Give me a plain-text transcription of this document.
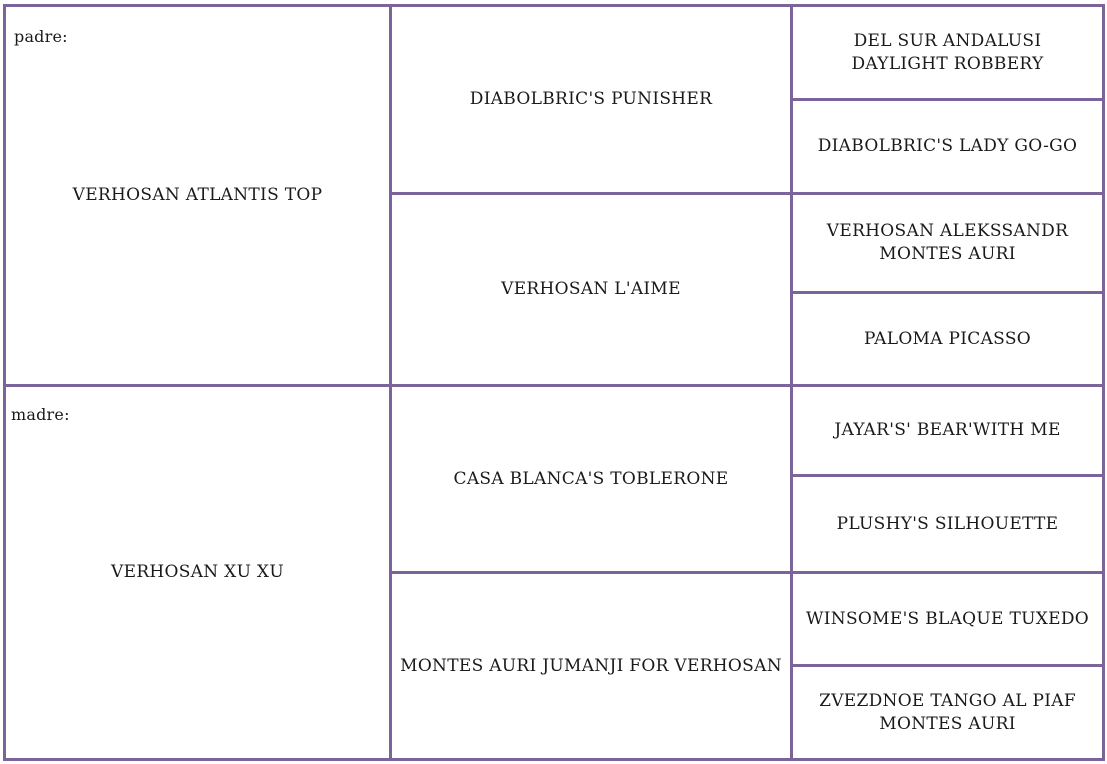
padre:
VERHOSAN ATLANTIS TOP
madre:
VERHOSAN XU XU
DIABOLBRIC'S PUNISHER
VERHOSAN L'AIME
CASA BLANCA'S TOBLERONE
MONTES AURI JUMANJI FOR VERHOSAN
DEL SUR ANDALUSI
DAYLIGHT ROBBERY
DIABOLBRIC'S LADY GO-GO
VERHOSAN ALEKSSANDR
MONTES AURI
PALOMA PICASSO
JAYAR'S' BEAR'WITH ME
PLUSHY'S SILHOUETTE
WINSOME'S BLAQUE TUXEDO
ZVEZDNOE TANGO AL PIAF
MONTES AURI
